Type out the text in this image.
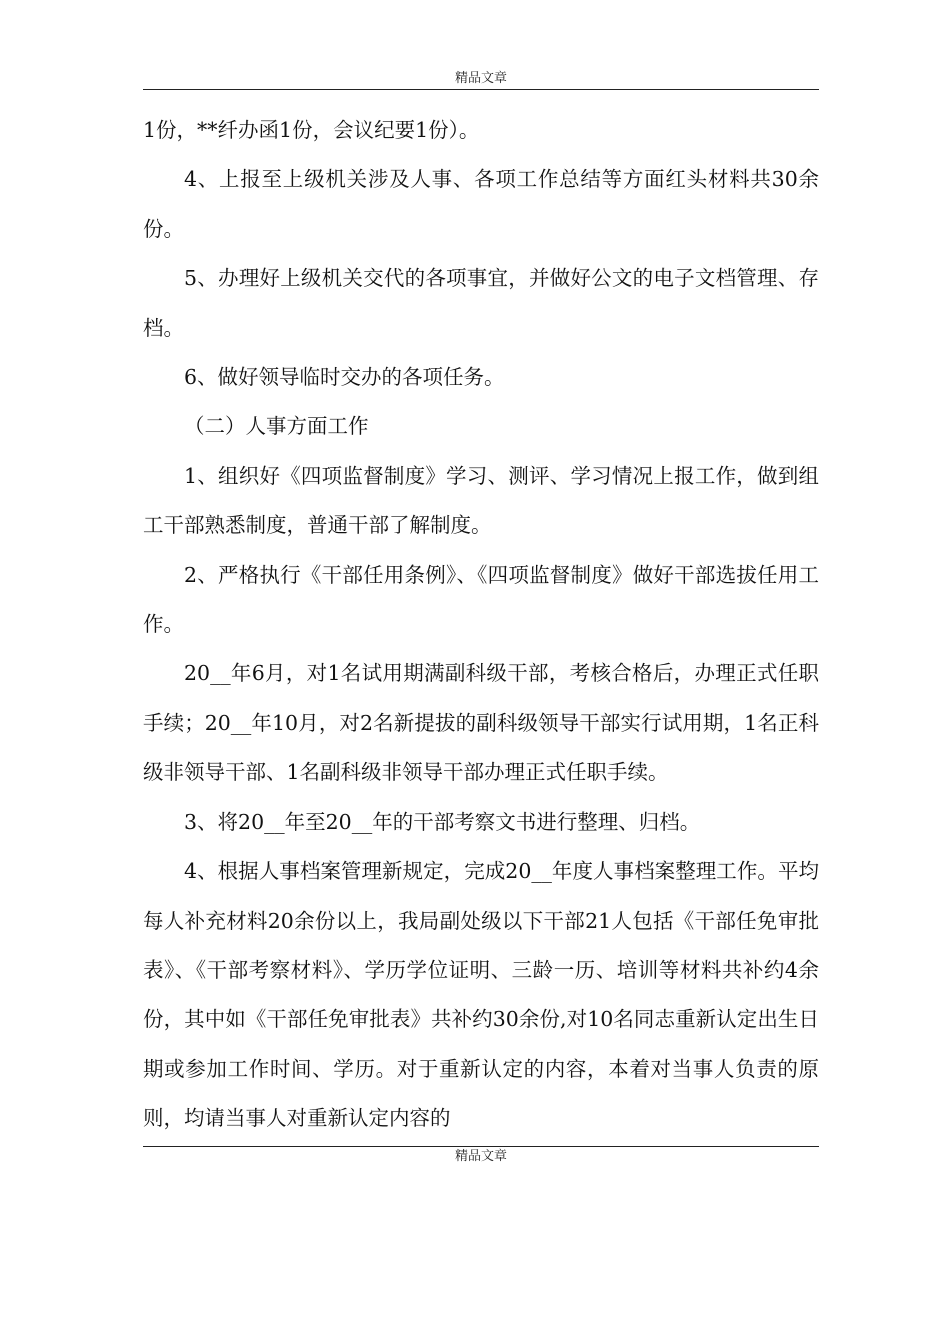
精品文章

1份，**纤办函1份，会议纪要1份）。

4、上报至上级机关涉及人事、各项工作总结等方面红头材料共30余份。

5、办理好上级机关交代的各项事宜，并做好公文的电子文档管理、存档。

6、做好领导临时交办的各项任务。

（二）人事方面工作

1、组织好《四项监督制度》学习、测评、学习情况上报工作，做到组工干部熟悉制度，普通干部了解制度。

2、严格执行《干部任用条例》、《四项监督制度》做好干部选拔任用工作。

20__年6月，对1名试用期满副科级干部，考核合格后，办理正式任职手续；20__年10月，对2名新提拔的副科级领导干部实行试用期，1名正科级非领导干部、1名副科级非领导干部办理正式任职手续。

3、将20__年至20__年的干部考察文书进行整理、归档。

4、根据人事档案管理新规定，完成20__年度人事档案整理工作。平均每人补充材料20余份以上，我局副处级以下干部21人包括《干部任免审批表》、《干部考察材料》、学历学位证明、三龄一历、培训等材料共补约4余份，其中如《干部任免审批表》共补约30余份,对10名同志重新认定出生日期或参加工作时间、学历。对于重新认定的内容，本着对当事人负责的原则，均请当事人对重新认定内容的

精品文章
